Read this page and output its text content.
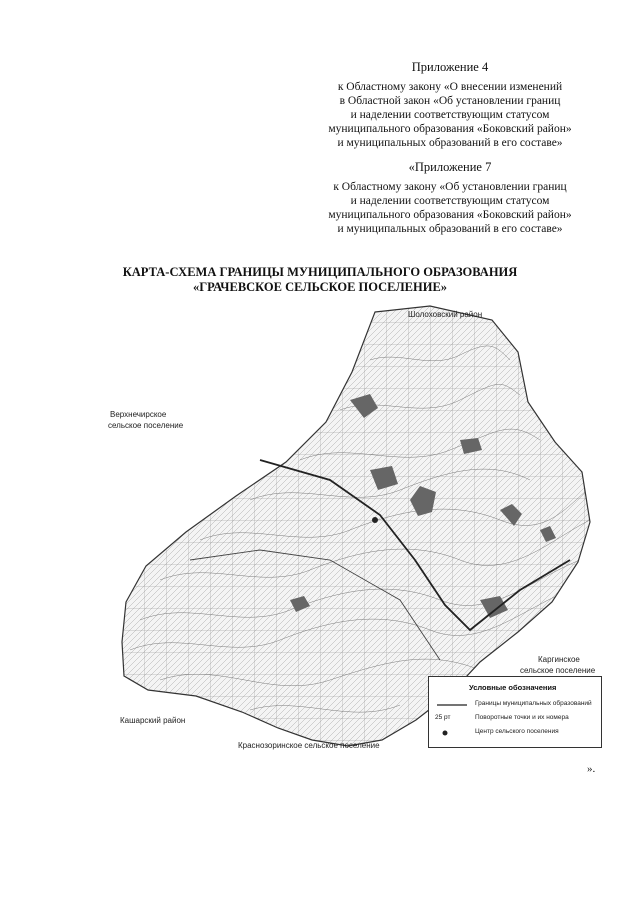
Приложение 4
к Областному закону «О внесении изменений
в Областной закон «Об установлении границ
и наделении соответствующим статусом
муниципального образования «Боковский район»
и муниципальных образований в его составе»
«Приложение 7
к Областному закону «Об установлении границ
и наделении соответствующим статусом
муниципального образования «Боковский район»
и муниципальных образований в его составе»
КАРТА-СХЕМА ГРАНИЦЫ МУНИЦИПАЛЬНОГО ОБРАЗОВАНИЯ
«ГРАЧЕВСКОЕ СЕЛЬСКОЕ ПОСЕЛЕНИЕ»
Шолоховский район
Верхнечирское
сельское поселение
Каргинское
сельское поселение
Кашарский район
Краснозоринское сельское поселение
Условные обозначения
Границы муниципальных образований
25 рт	Поворотные точки и их номера
Центр сельского поселения
».
